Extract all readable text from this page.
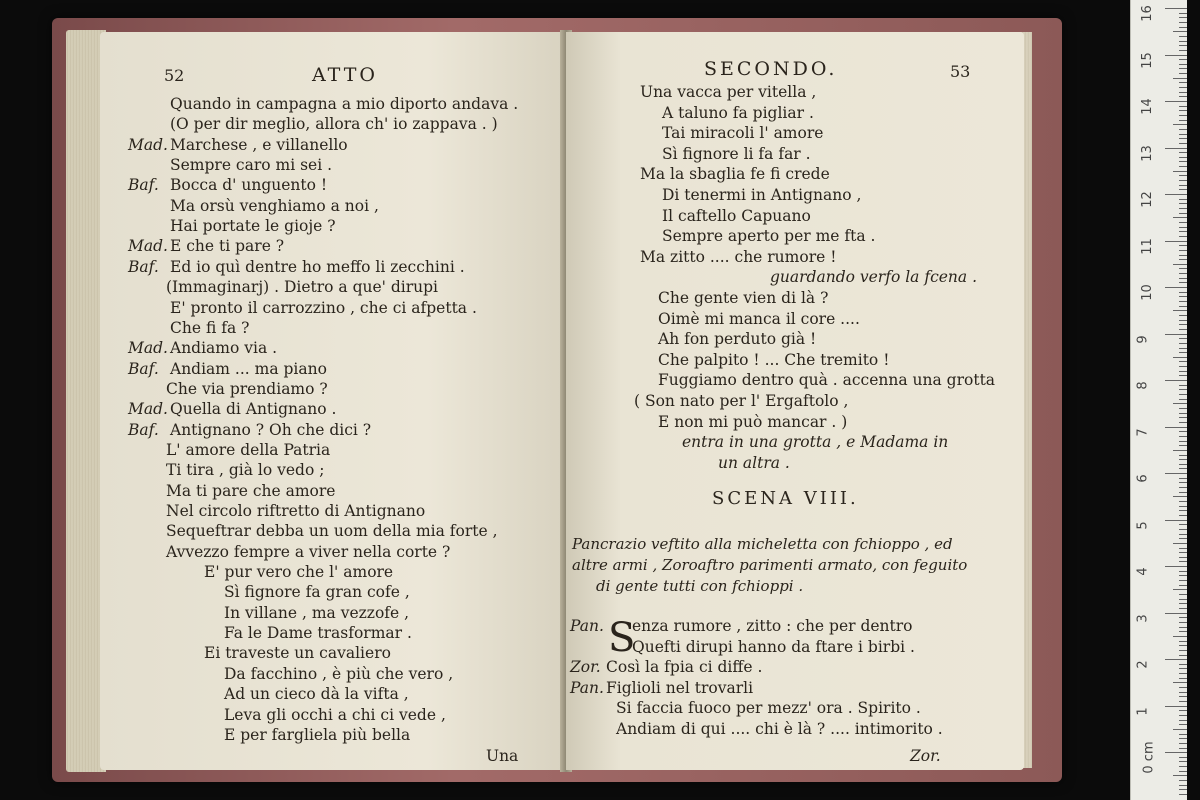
52	ATTO
Quando in campagna a mio diporto andava .
(O per dir meglio, allora ch' io zappava . )
Mad. Marchese , e villanello
Sempre caro mi sei .
Baf. Bocca d' unguento !
Ma orsù venghiamo a noi ,
Hai portate le gioje ?
Mad. E che ti pare ?
Baf. Ed io quì dentre ho meffo li zecchini .
(Immaginarj) . Dietro a que' dirupi
E' pronto il carrozzino , che ci afpetta .
Che fi fa ?
Mad. Andiamo via .
Baf. Andiam ... ma piano
Che via prendiamo ?
Mad. Quella di Antignano .
Baf. Antignano ? Oh che dici ?
L' amore della Patria
Ti tira , già lo vedo ;
Ma ti pare che amore
Nel circolo riftretto di Antignano
Sequeftrar debba un uom della mia forte ,
Avvezzo fempre a viver nella corte ?
E' pur vero che l' amore
Sì fignore fa gran cofe ,
In villane , ma vezzofe ,
Fa le Dame trasformar .
Ei traveste un cavaliero
Da facchino , è più che vero ,
Ad un cieco dà la vifta ,
Leva gli occhi a chi ci vede ,
E per fargliela più bella
Una
SECONDO.	53
Una vacca per vitella ,
A taluno fa pigliar .
Tai miracoli l' amore
Sì fignore li fa far .
Ma la sbaglia fe fi crede
Di tenermi in Antignano ,
Il caftello Capuano
Sempre aperto per me fta .
Ma zitto .... che rumore !
guardando verfo la fcena .
Che gente vien di là ?
Oimè mi manca il core ....
Ah fon perduto già !
Che palpito ! ... Che tremito !
Fuggiamo dentro quà . accenna una grotta
( Son nato per l' Ergaftolo ,
E non mi può mancar . )
entra in una grotta , e Madama in
un altra .
SCENA VIII.
Pancrazio veftito alla micheletta con fchioppo , ed
altre armi , Zoroaftro parimenti armato, con feguito
di gente tutti con fchioppi .
Pan. enza rumore , zitto : che per dentro
Quefti dirupi hanno da ftare i birbi .
Zor. Così la fpia ci diffe .
Pan. Figlioli nel trovarli
Si faccia fuoco per mezz' ora . Spirito .
Andiam di qui .... chi è là ? .... intimorito .
S
Zor.
16
15
14
13
12
11
10
9
8
7
6
5
4
3
2
1
0 cm
